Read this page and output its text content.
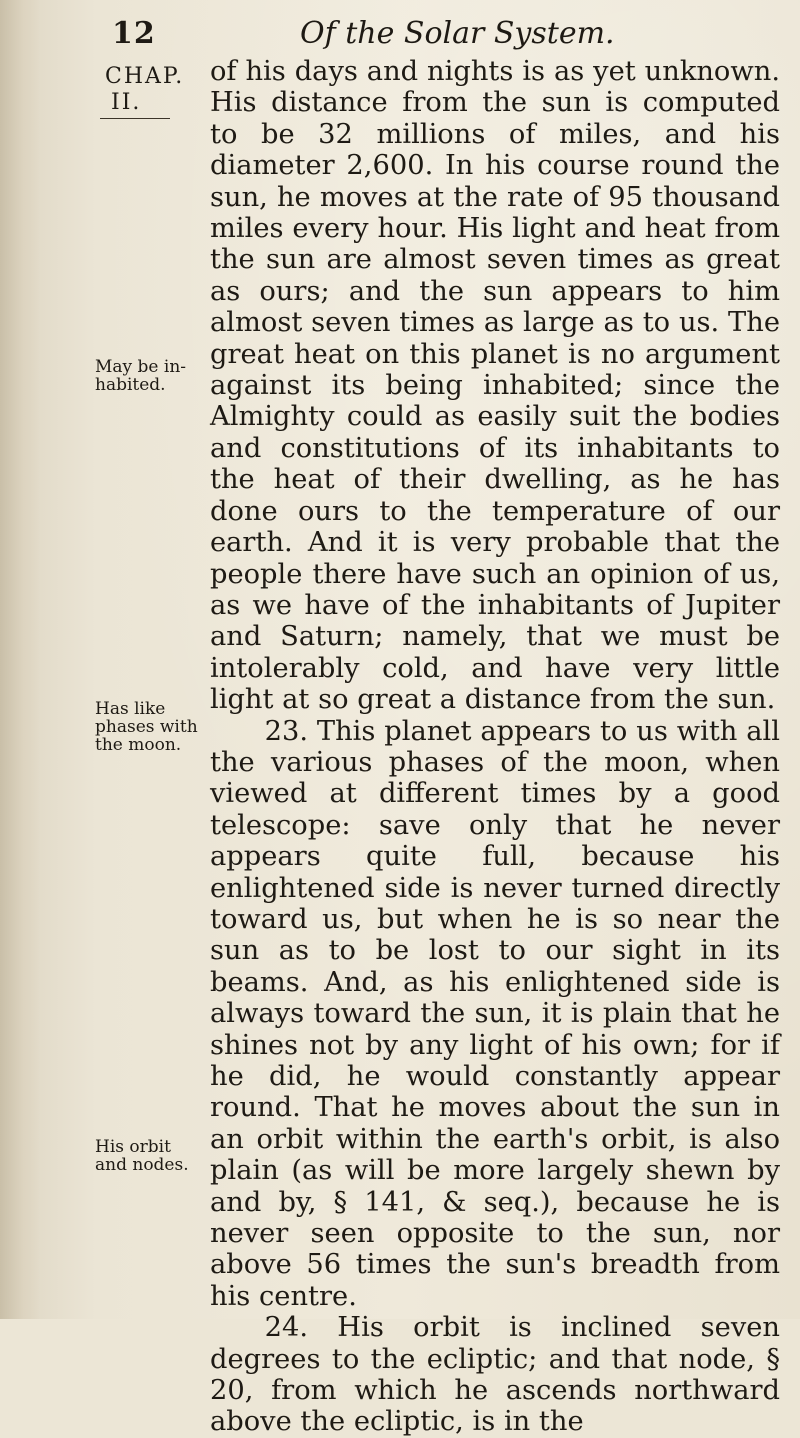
12	Of the Solar System.
CHAP.
II.
May be in-habited.
Has like phases with the moon.
His orbit and nodes.

of his days and nights is as yet unknown. His distance from the sun is computed to be 32 millions of miles, and his diameter 2,600. In his course round the sun, he moves at the rate of 95 thousand miles every hour. His light and heat from the sun are almost seven times as great as ours; and the sun appears to him almost seven times as large as to us. The great heat on this planet is no argument against its being inhabited; since the Almighty could as easily suit the bodies and constitutions of its inhabitants to the heat of their dwelling, as he has done ours to the temperature of our earth. And it is very probable that the people there have such an opinion of us, as we have of the inhabitants of Jupiter and Saturn; namely, that we must be intolerably cold, and have very little light at so great a distance from the sun.

23. This planet appears to us with all the various phases of the moon, when viewed at different times by a good telescope: save only that he never appears quite full, because his enlightened side is never turned directly toward us, but when he is so near the sun as to be lost to our sight in its beams. And, as his enlightened side is always toward the sun, it is plain that he shines not by any light of his own; for if he did, he would constantly appear round. That he moves about the sun in an orbit within the earth's orbit, is also plain (as will be more largely shewn by and by, § 141, & seq.), because he is never seen opposite to the sun, nor above 56 times the sun's breadth from his centre.

24. His orbit is inclined seven degrees to the ecliptic; and that node, § 20, from which he ascends northward above the ecliptic, is in the
